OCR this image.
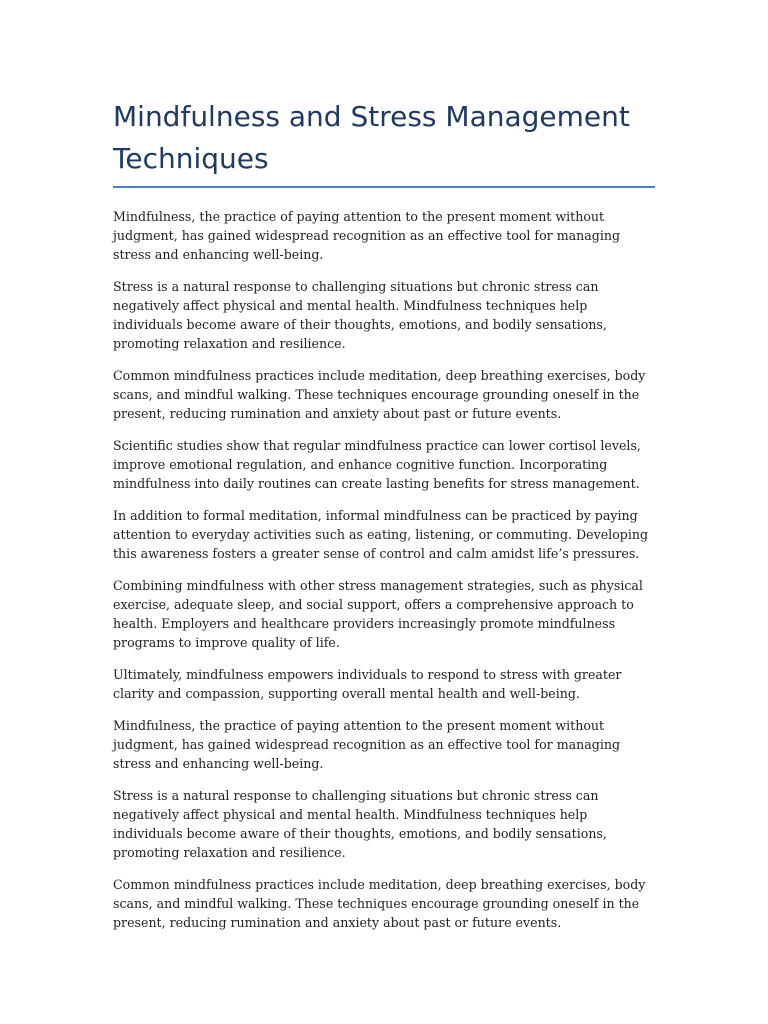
Mindfulness and Stress Management Techniques

Mindfulness, the practice of paying attention to the present moment without judgment, has gained widespread recognition as an effective tool for managing stress and enhancing well-being.

Stress is a natural response to challenging situations but chronic stress can negatively affect physical and mental health. Mindfulness techniques help individuals become aware of their thoughts, emotions, and bodily sensations, promoting relaxation and resilience.

Common mindfulness practices include meditation, deep breathing exercises, body scans, and mindful walking. These techniques encourage grounding oneself in the present, reducing rumination and anxiety about past or future events.

Scientific studies show that regular mindfulness practice can lower cortisol levels, improve emotional regulation, and enhance cognitive function. Incorporating mindfulness into daily routines can create lasting benefits for stress management.

In addition to formal meditation, informal mindfulness can be practiced by paying attention to everyday activities such as eating, listening, or commuting. Developing this awareness fosters a greater sense of control and calm amidst life’s pressures.

Combining mindfulness with other stress management strategies, such as physical exercise, adequate sleep, and social support, offers a comprehensive approach to health. Employers and healthcare providers increasingly promote mindfulness programs to improve quality of life.

Ultimately, mindfulness empowers individuals to respond to stress with greater clarity and compassion, supporting overall mental health and well-being.

Mindfulness, the practice of paying attention to the present moment without judgment, has gained widespread recognition as an effective tool for managing stress and enhancing well-being.

Stress is a natural response to challenging situations but chronic stress can negatively affect physical and mental health. Mindfulness techniques help individuals become aware of their thoughts, emotions, and bodily sensations, promoting relaxation and resilience.

Common mindfulness practices include meditation, deep breathing exercises, body scans, and mindful walking. These techniques encourage grounding oneself in the present, reducing rumination and anxiety about past or future events.
